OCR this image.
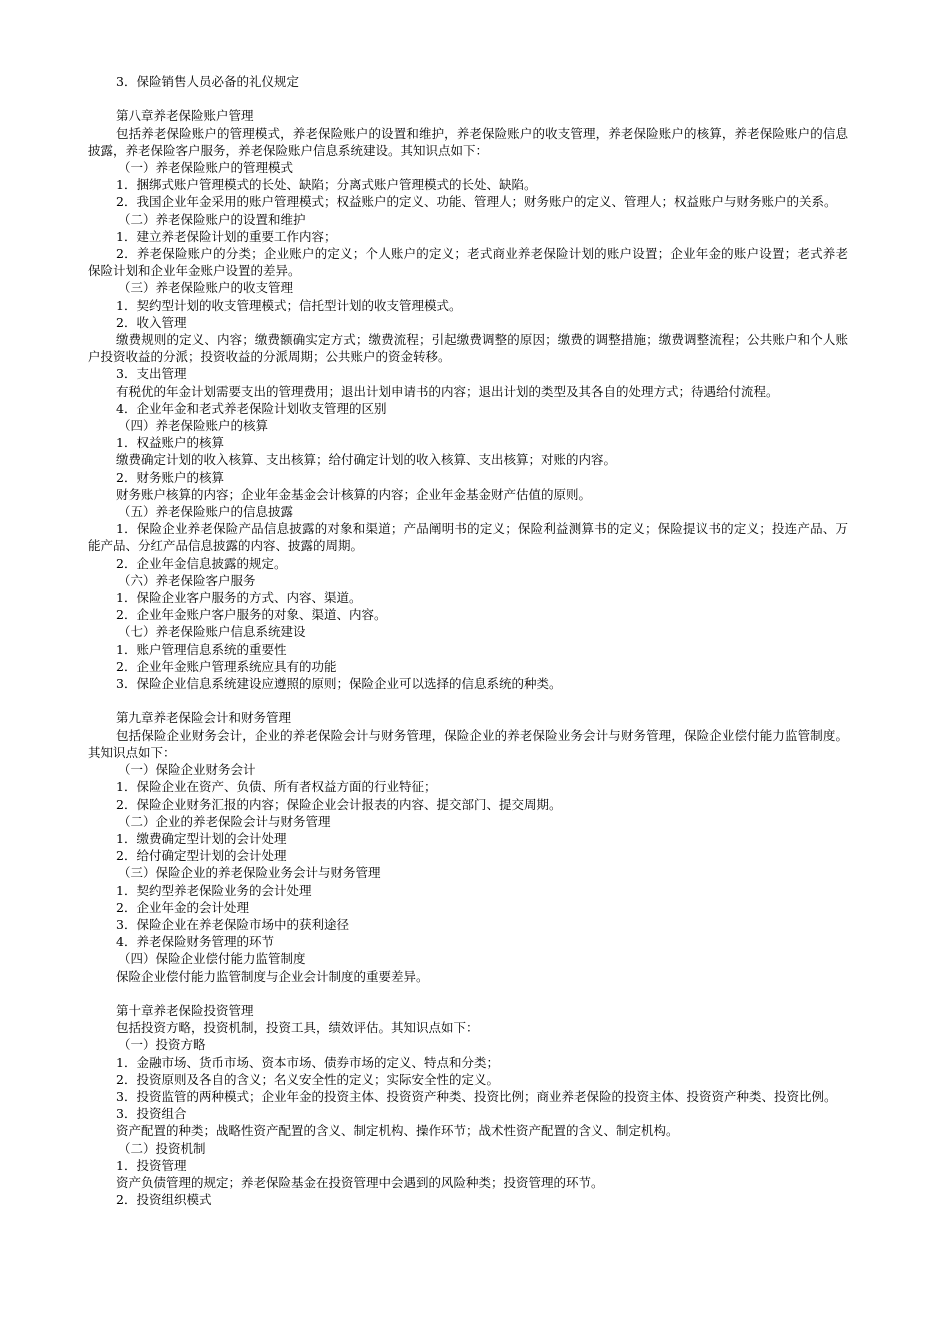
3．保险销售人员必备的礼仪规定

第八章养老保险账户管理

包括养老保险账户的管理模式，养老保险账户的设置和维护，养老保险账户的收支管理，养老保险账户的核算，养老保险账户的信息披露，养老保险客户服务，养老保险账户信息系统建设。其知识点如下：

（一）养老保险账户的管理模式

1．捆绑式账户管理模式的长处、缺陷；分离式账户管理模式的长处、缺陷。

2．我国企业年金采用的账户管理模式；权益账户的定义、功能、管理人；财务账户的定义、管理人；权益账户与财务账户的关系。

（二）养老保险账户的设置和维护

1．建立养老保险计划的重要工作内容；

2．养老保险账户的分类；企业账户的定义；个人账户的定义；老式商业养老保险计划的账户设置；企业年金的账户设置；老式养老保险计划和企业年金账户设置的差异。

（三）养老保险账户的收支管理

1．契约型计划的收支管理模式；信托型计划的收支管理模式。

2．收入管理

缴费规则的定义、内容；缴费额确实定方式；缴费流程；引起缴费调整的原因；缴费的调整措施；缴费调整流程；公共账户和个人账户投资收益的分派；投资收益的分派周期；公共账户的资金转移。

3．支出管理

有税优的年金计划需要支出的管理费用；退出计划申请书的内容；退出计划的类型及其各自的处理方式；待遇给付流程。

4．企业年金和老式养老保险计划收支管理的区别

（四）养老保险账户的核算

1．权益账户的核算

缴费确定计划的收入核算、支出核算；给付确定计划的收入核算、支出核算；对账的内容。

2．财务账户的核算

财务账户核算的内容；企业年金基金会计核算的内容；企业年金基金财产估值的原则。

（五）养老保险账户的信息披露

1．保险企业养老保险产品信息披露的对象和渠道；产品阐明书的定义；保险利益测算书的定义；保险提议书的定义；投连产品、万能产品、分红产品信息披露的内容、披露的周期。

2．企业年金信息披露的规定。

（六）养老保险客户服务

1．保险企业客户服务的方式、内容、渠道。

2．企业年金账户客户服务的对象、渠道、内容。

（七）养老保险账户信息系统建设

1．账户管理信息系统的重要性

2．企业年金账户管理系统应具有的功能

3．保险企业信息系统建设应遵照的原则；保险企业可以选择的信息系统的种类。

第九章养老保险会计和财务管理

包括保险企业财务会计，企业的养老保险会计与财务管理，保险企业的养老保险业务会计与财务管理，保险企业偿付能力监管制度。其知识点如下：

（一）保险企业财务会计

1．保险企业在资产、负债、所有者权益方面的行业特征；

2．保险企业财务汇报的内容；保险企业会计报表的内容、提交部门、提交周期。

（二）企业的养老保险会计与财务管理

1．缴费确定型计划的会计处理

2．给付确定型计划的会计处理

（三）保险企业的养老保险业务会计与财务管理

1．契约型养老保险业务的会计处理

2．企业年金的会计处理

3．保险企业在养老保险市场中的获利途径

4．养老保险财务管理的环节

（四）保险企业偿付能力监管制度

保险企业偿付能力监管制度与企业会计制度的重要差异。

第十章养老保险投资管理

包括投资方略，投资机制，投资工具，绩效评估。其知识点如下：

（一）投资方略

1．金融市场、货币市场、资本市场、债券市场的定义、特点和分类；

2．投资原则及各自的含义；名义安全性的定义；实际安全性的定义。

3．投资监管的两种模式；企业年金的投资主体、投资资产种类、投资比例；商业养老保险的投资主体、投资资产种类、投资比例。

3．投资组合

资产配置的种类；战略性资产配置的含义、制定机构、操作环节；战术性资产配置的含义、制定机构。

（二）投资机制

1．投资管理

资产负债管理的规定；养老保险基金在投资管理中会遇到的风险种类；投资管理的环节。

2．投资组织模式
